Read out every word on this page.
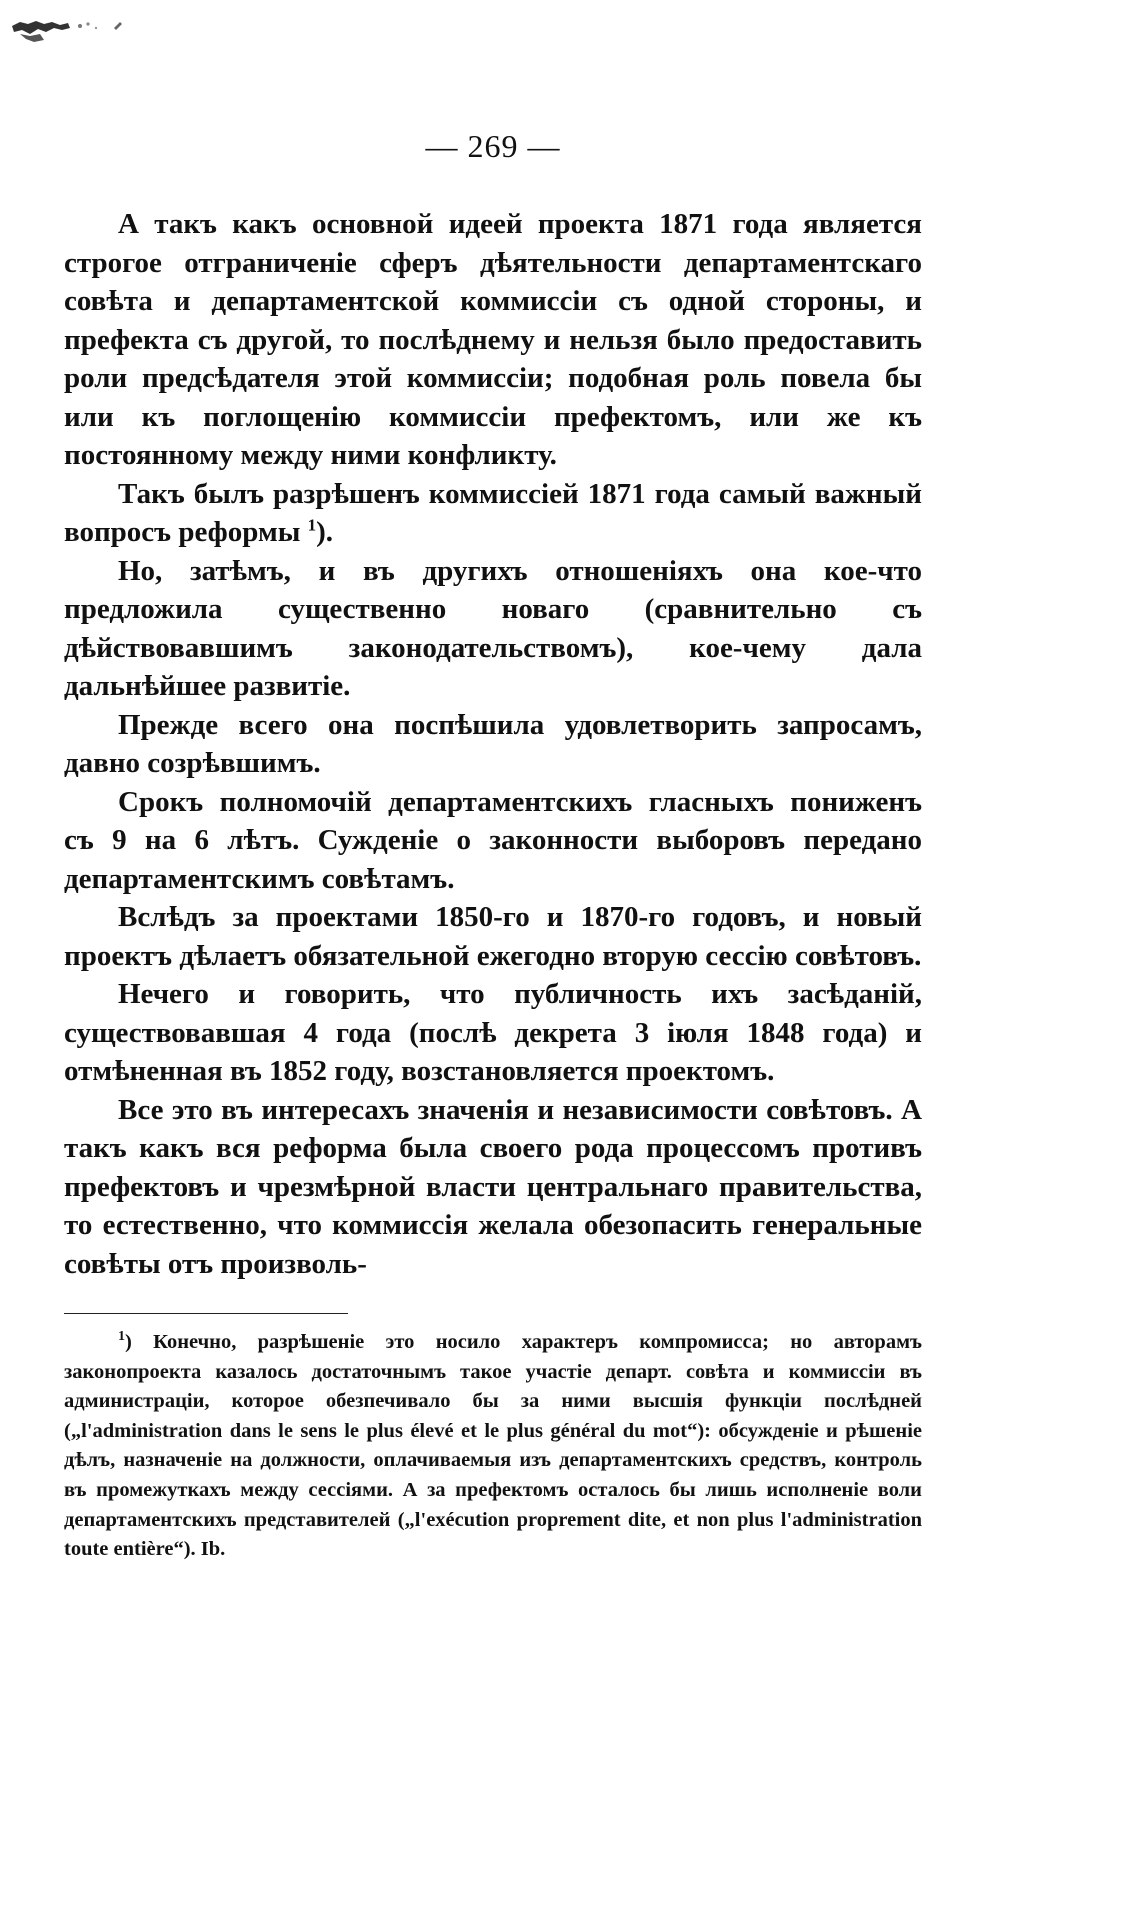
— 269 —

А такъ какъ основной идеей проекта 1871 года является строгое отграниченіе сферъ дѣятельности департаментскаго совѣта и департаментской коммиссіи съ одной стороны, и префекта съ другой, то послѣднему и нельзя было предоставить роли предсѣдателя этой коммиссіи; подобная роль повела бы или къ поглощенію коммиссіи префектомъ, или же къ постоянному между ними конфликту.

Такъ былъ разрѣшенъ коммиссіей 1871 года самый важный вопросъ реформы $^1$).

Но, затѣмъ, и въ другихъ отношеніяхъ она кое-что предложила существенно новаго (сравнительно съ дѣйствовавшимъ законодательствомъ), кое-чему дала дальнѣйшее развитіе.

Прежде всего она поспѣшила удовлетворить запросамъ, давно созрѣвшимъ.

Срокъ полномочій департаментскихъ гласныхъ пониженъ съ 9 на 6 лѣтъ. Сужденіе о законности выборовъ передано департаментскимъ совѣтамъ.

Вслѣдъ за проектами 1850-го и 1870-го годовъ, и новый проектъ дѣлаетъ обязательной ежегодно вторую сессію совѣтовъ.

Нечего и говорить, что публичность ихъ засѣданій, существовавшая 4 года (послѣ декрета 3 іюля 1848 года) и отмѣненная въ 1852 году, возстановляется проектомъ.

Все это въ интересахъ значенія и независимости совѣтовъ. А такъ какъ вся реформа была своего рода процессомъ противъ префектовъ и чрезмѣрной власти центральнаго правительства, то естественно, что коммиссія желала обезопасить генеральные совѣты отъ произволь-

$^1$) Конечно, разрѣшеніе это носило характеръ компромисса; но авторамъ законопроекта казалось достаточнымъ такое участіе департ. совѣта и коммиссіи въ администраціи, которое обезпечивало бы за ними высшія функціи послѣдней („l'administration dans le sens le plus élevé et le plus général du mot“): обсужденіе и рѣшеніе дѣлъ, назначеніе на должности, оплачиваемыя изъ департаментскихъ средствъ, контроль въ промежуткахъ между сессіями. А за префектомъ осталось бы лишь исполненіе воли департаментскихъ представителей („l'exécution proprement dite, et non plus l'administration toute entière“). Ib.
